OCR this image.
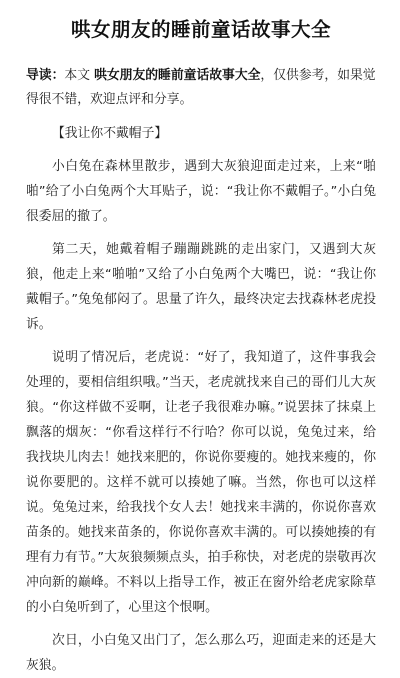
哄女朋友的睡前童话故事大全

导读：本文 哄女朋友的睡前童话故事大全，仅供参考，如果觉得很不错，欢迎点评和分享。

【我让你不戴帽子】

小白兔在森林里散步，遇到大灰狼迎面走过来，上来“啪啪”给了小白兔两个大耳贴子，说：“我让你不戴帽子。”小白兔很委屈的撤了。

第二天，她戴着帽子蹦蹦跳跳的走出家门，又遇到大灰狼，他走上来“啪啪”又给了小白兔两个大嘴巴，说：“我让你戴帽子。”兔兔郁闷了。思量了许久，最终决定去找森林老虎投诉。

说明了情况后，老虎说：“好了，我知道了，这件事我会处理的，要相信组织哦。”当天，老虎就找来自己的哥们儿大灰狼。“你这样做不妥啊，让老子我很难办嘛。”说罢抹了抹桌上飘落的烟灰：“你看这样行不行哈？你可以说，兔兔过来，给我找块儿肉去！她找来肥的，你说你要瘦的。她找来瘦的，你说你要肥的。这样不就可以揍她了嘛。当然，你也可以这样说。兔兔过来，给我找个女人去！她找来丰满的，你说你喜欢苗条的。她找来苗条的，你说你喜欢丰满的。可以揍她揍的有理有力有节。”大灰狼频频点头，拍手称快，对老虎的崇敬再次冲向新的巅峰。不料以上指导工作，被正在窗外给老虎家除草的小白兔听到了，心里这个恨啊。

次日，小白兔又出门了，怎么那么巧，迎面走来的还是大灰狼。
